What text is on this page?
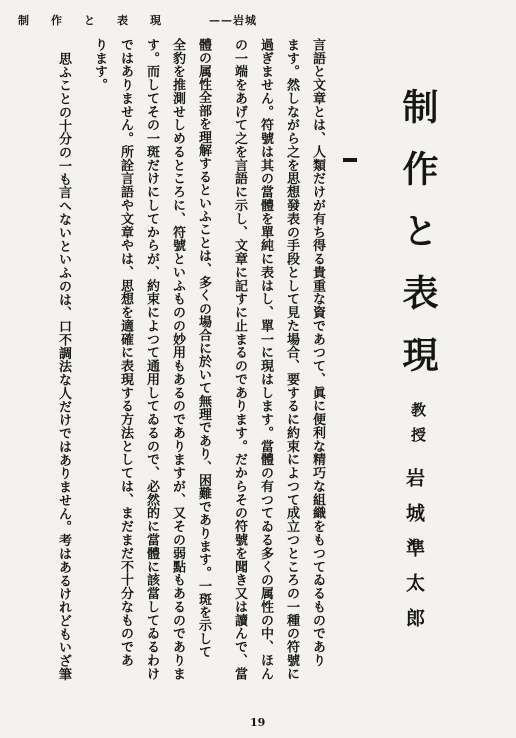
制作と表現 ——岩城
制作と表現
教授
岩城準太郎
言語と文章とは、人類だけが有ち得る貴重な資であつて、眞に便利な精巧な組織をもつてゐるものであり
ます。然しながら之を思想發表の手段として見た場合、要するに約束によつて成立つところの一種の符號に
過ぎません。符號は其の當體を單純に表はし、單一に現はします。當體の有つてゐる多くの属性の中、ほん
の一端をあげて之を言語に示し、文章に記すに止まるのであります。だからその符號を聞き又は讀んで、當
體の属性全部を理解するといふことは、多くの場合に於いて無理であり、困難であります。一斑を示して
全豹を推測せしめるところに、符號といふものの妙用もあるのでありますが、又その弱點もあるのでありま
す。而してその一斑だけにしてからが、約束によつて通用してゐるので、必然的に當體に該當してゐるわけ
ではありません。所詮言語や文章やは、思想を適確に表現する方法としては、まだまだ不十分なものであ
ります。
思ふことの十分の一も言へないといふのは、口不調法な人だけではありません。考はあるけれどもいざ筆
19
